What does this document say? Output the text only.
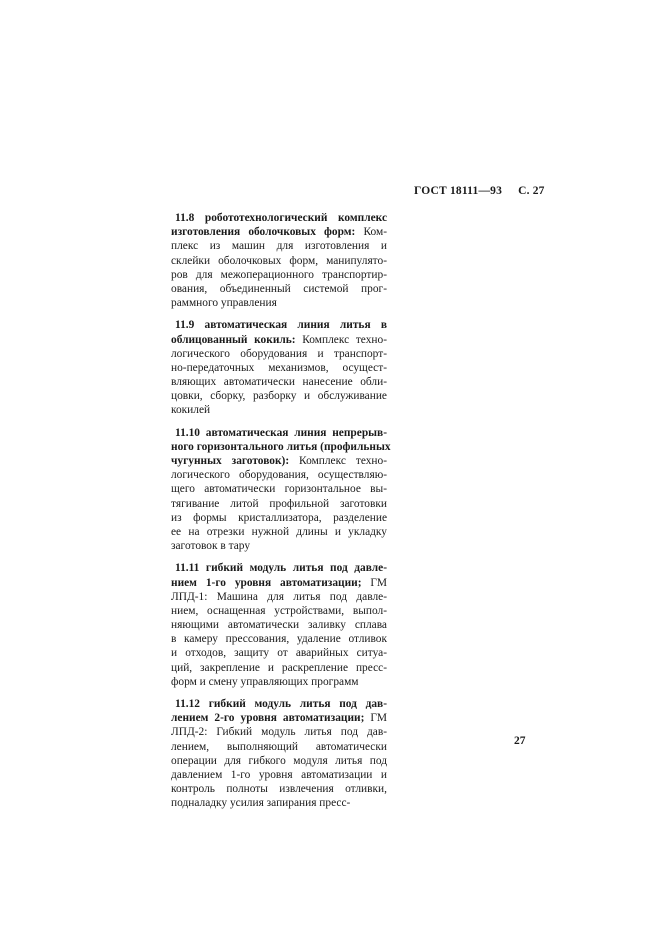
ГОСТ 18111—93 С. 27
11.8 робототехнологический комплекс
изготовления оболочковых форм: Ком-
плекс из машин для изготовления и
склейки оболочковых форм, манипулято-
ров для межоперационного транспортир-
ования, объединенный системой прог-
раммного управления
11.9 автоматическая линия литья в
облицованный кокиль: Комплекс техно-
логического оборудования и транспорт-
но-передаточных механизмов, осущест-
вляющих автоматически нанесение обли-
цовки, сборку, разборку и обслуживание
кокилей
11.10 автоматическая линия непрерыв-
ного горизонтального литья (профильных
чугунных заготовок): Комплекс техно-
логического оборудования, осуществляю-
щего автоматически горизонтальное вы-
тягивание литой профильной заготовки
из формы кристаллизатора, разделение
ее на отрезки нужной длины и укладку
заготовок в тару
11.11 гибкий модуль литья под давле-
нием 1-го уровня автоматизации; ГМ
ЛПД-1: Машина для литья под давле-
нием, оснащенная устройствами, выпол-
няющими автоматически заливку сплава
в камеру прессования, удаление отливок
и отходов, защиту от аварийных ситуа-
ций, закрепление и раскрепление пресс-
форм и смену управляющих программ
11.12 гибкий модуль литья под дав-
лением 2-го уровня автоматизации; ГМ
ЛПД-2: Гибкий модуль литья под дав-
лением, выполняющий автоматически
операции для гибкого модуля литья под
давлением 1-го уровня автоматизации и
контроль полноты извлечения отливки,
подналадку усилия запирания пресс-
27
